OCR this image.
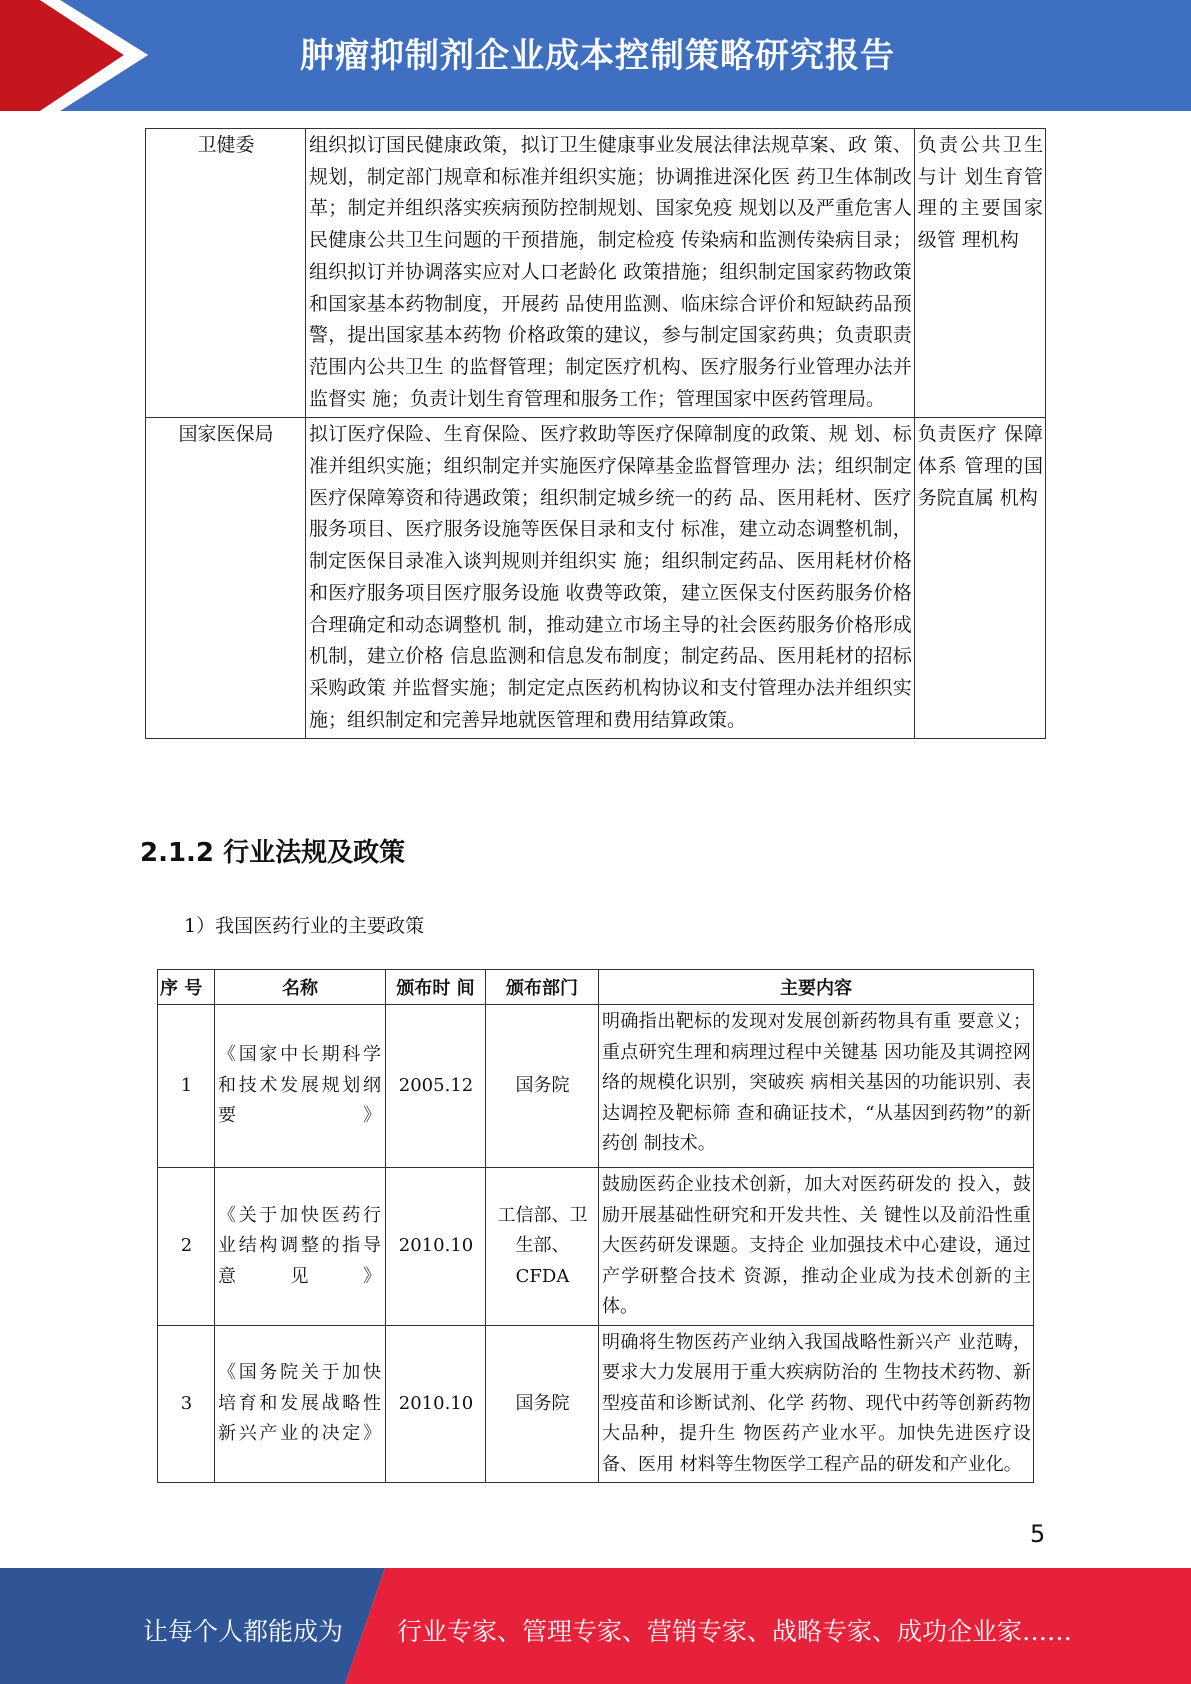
肿瘤抑制剂企业成本控制策略研究报告
卫健委	组织拟订国民健康政策，拟订卫生健康事业发展法律法规草案、政 策、规划，制定部门规章和标准并组织实施；协调推进深化医 药卫生体制改革；制定并组织落实疾病预防控制规划、国家免疫 规划以及严重危害人民健康公共卫生问题的干预措施，制定检疫 传染病和监测传染病目录；组织拟订并协调落实应对人口老龄化 政策措施；组织制定国家药物政策和国家基本药物制度，开展药 品使用监测、临床综合评价和短缺药品预警，提出国家基本药物 价格政策的建议，参与制定国家药典；负责职责范围内公共卫生 的监督管理；制定医疗机构、医疗服务行业管理办法并监督实 施；负责计划生育管理和服务工作；管理国家中医药管理局。	负责公共卫生与计 划生育管 理的主要国家级管 理机构
国家医保局	拟订医疗保险、生育保险、医疗救助等医疗保障制度的政策、规 划、标准并组织实施；组织制定并实施医疗保障基金监督管理办 法；组织制定医疗保障筹资和待遇政策；组织制定城乡统一的药 品、医用耗材、医疗服务项目、医疗服务设施等医保目录和支付 标准，建立动态调整机制，制定医保目录准入谈判规则并组织实 施；组织制定药品、医用耗材价格和医疗服务项目医疗服务设施 收费等政策，建立医保支付医药服务价格合理确定和动态调整机 制，推动建立市场主导的社会医药服务价格形成机制，建立价格 信息监测和信息发布制度；制定药品、医用耗材的招标采购政策 并监督实施；制定定点医药机构协议和支付管理办法并组织实 施；组织制定和完善异地就医管理和费用结算政策。	负责医疗 保障体系 管理的国 务院直属 机构
2.1.2 行业法规及政策
1）我国医药行业的主要政策
序 号	名称	颁布时 间	颁布部门	主要内容
1	《国家中长期科学和技术发展规划纲要》	2005.12	国务院	明确指出靶标的发现对发展创新药物具有重 要意义；重点研究生理和病理过程中关键基 因功能及其调控网络的规模化识别，突破疾 病相关基因的功能识别、表达调控及靶标筛 查和确证技术，“从基因到药物”的新药创 制技术。
2	《关于加快医药行业结构调整的指导意见》	2010.10	工信部、卫生部、CFDA	鼓励医药企业技术创新，加大对医药研发的 投入，鼓励开展基础性研究和开发共性、关 键性以及前沿性重大医药研发课题。支持企 业加强技术中心建设，通过产学研整合技术 资源，推动企业成为技术创新的主体。
3	《国务院关于加快培育和发展战略性新兴产业的决定》	2010.10	国务院	明确将生物医药产业纳入我国战略性新兴产 业范畴，要求大力发展用于重大疾病防治的 生物技术药物、新型疫苗和诊断试剂、化学 药物、现代中药等创新药物大品种，提升生 物医药产业水平。加快先进医疗设备、医用 材料等生物医学工程产品的研发和产业化。
5
让每个人都能成为 行业专家、管理专家、营销专家、战略专家、成功企业家……
